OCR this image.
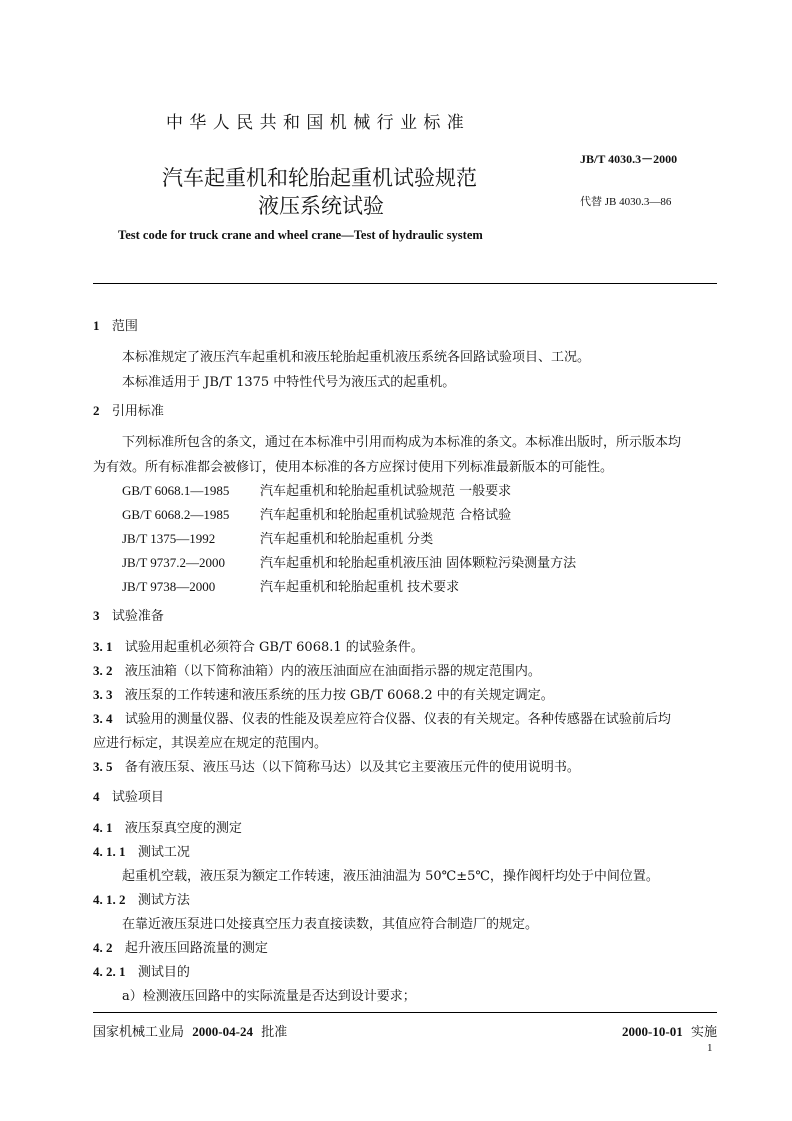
中华人民共和国机械行业标准
JB/T 4030.3－2000
汽车起重机和轮胎起重机试验规范
液压系统试验	代替 JB 4030.3—86
Test code for truck crane and wheel crane—Test of hydraulic system
1 范围
本标准规定了液压汽车起重机和液压轮胎起重机液压系统各回路试验项目、工况。
本标准适用于 JB/T 1375 中特性代号为液压式的起重机。
2 引用标准
下列标准所包含的条文，通过在本标准中引用而构成为本标准的条文。本标准出版时，所示版本均
为有效。所有标准都会被修订，使用本标准的各方应探讨使用下列标准最新版本的可能性。
GB/T 6068.1—1985 汽车起重机和轮胎起重机试验规范 一般要求
GB/T 6068.2—1985 汽车起重机和轮胎起重机试验规范 合格试验
JB/T 1375—1992	汽车起重机和轮胎起重机 分类
JB/T 9737.2—2000	汽车起重机和轮胎起重机液压油 固体颗粒污染测量方法
JB/T 9738—2000	汽车起重机和轮胎起重机 技术要求
3 试验准备
3. 1 试验用起重机必须符合 GB/T 6068.1 的试验条件。
3. 2 液压油箱（以下简称油箱）内的液压油面应在油面指示器的规定范围内。
3. 3 液压泵的工作转速和液压系统的压力按 GB/T 6068.2 中的有关规定调定。
3. 4 试验用的测量仪器、仪表的性能及误差应符合仪器、仪表的有关规定。各种传感器在试验前后均
应进行标定，其误差应在规定的范围内。
3. 5 备有液压泵、液压马达（以下简称马达）以及其它主要液压元件的使用说明书。
4 试验项目
4. 1 液压泵真空度的测定
4. 1. 1 测试工况
起重机空载，液压泵为额定工作转速，液压油油温为 50℃±5℃，操作阀杆均处于中间位置。
4. 1. 2 测试方法
在靠近液压泵进口处接真空压力表直接读数，其值应符合制造厂的规定。
4. 2 起升液压回路流量的测定
4. 2. 1 测试目的
a）检测液压回路中的实际流量是否达到设计要求；
国家机械工业局 2000-04-24 批准	2000-10-01 实施
1
